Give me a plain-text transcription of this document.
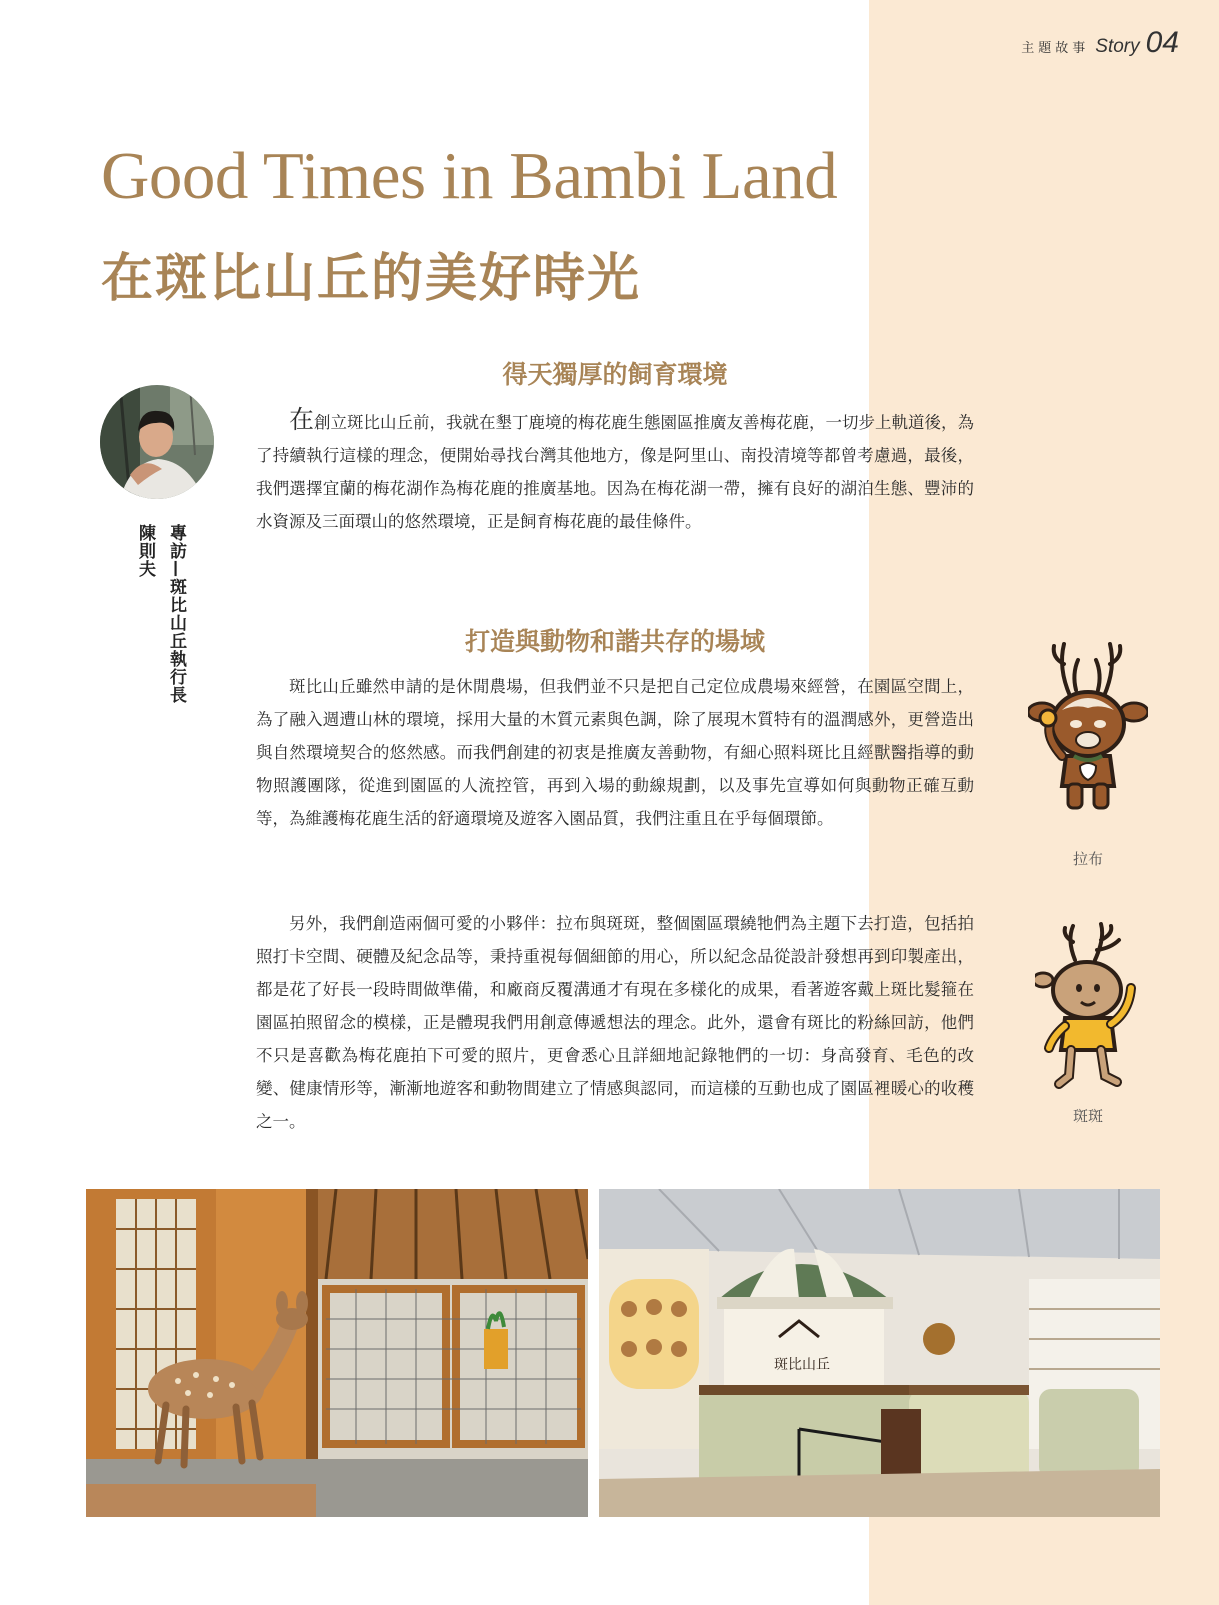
主題故事 Story 04
Good Times in Bambi Land
在斑比山丘的美好時光
專訪—斑比山丘執行長
陳則夫
得天獨厚的飼育環境

在創立斑比山丘前，我就在墾丁鹿境的梅花鹿生態園區推廣友善梅花鹿，一切步上軌道後，為了持續執行這樣的理念，便開始尋找台灣其他地方，像是阿里山、南投清境等都曾考慮過，最後，我們選擇宜蘭的梅花湖作為梅花鹿的推廣基地。因為在梅花湖一帶，擁有良好的湖泊生態、豐沛的水資源及三面環山的悠然環境，正是飼育梅花鹿的最佳條件。

打造與動物和諧共存的場域

斑比山丘雖然申請的是休閒農場，但我們並不只是把自己定位成農場來經營，在園區空間上，為了融入週遭山林的環境，採用大量的木質元素與色調，除了展現木質特有的溫潤感外，更營造出與自然環境契合的悠然感。而我們創建的初衷是推廣友善動物，有細心照料斑比且經獸醫指導的動物照護團隊，從進到園區的人流控管，再到入場的動線規劃，以及事先宣導如何與動物正確互動等，為維護梅花鹿生活的舒適環境及遊客入園品質，我們注重且在乎每個環節。

另外，我們創造兩個可愛的小夥伴：拉布與斑斑，整個園區環繞牠們為主題下去打造，包括拍照打卡空間、硬體及紀念品等，秉持重視每個細節的用心，所以紀念品從設計發想再到印製產出，都是花了好長一段時間做準備，和廠商反覆溝通才有現在多樣化的成果，看著遊客戴上斑比髮箍在園區拍照留念的模樣，正是體現我們用創意傳遞想法的理念。此外，還會有斑比的粉絲回訪，他們不只是喜歡為梅花鹿拍下可愛的照片，更會悉心且詳細地記錄牠們的一切：身高發育、毛色的改變、健康情形等，漸漸地遊客和動物間建立了情感與認同，而這樣的互動也成了園區裡暖心的收穫之一。

拉布
斑斑
斑比山丘
